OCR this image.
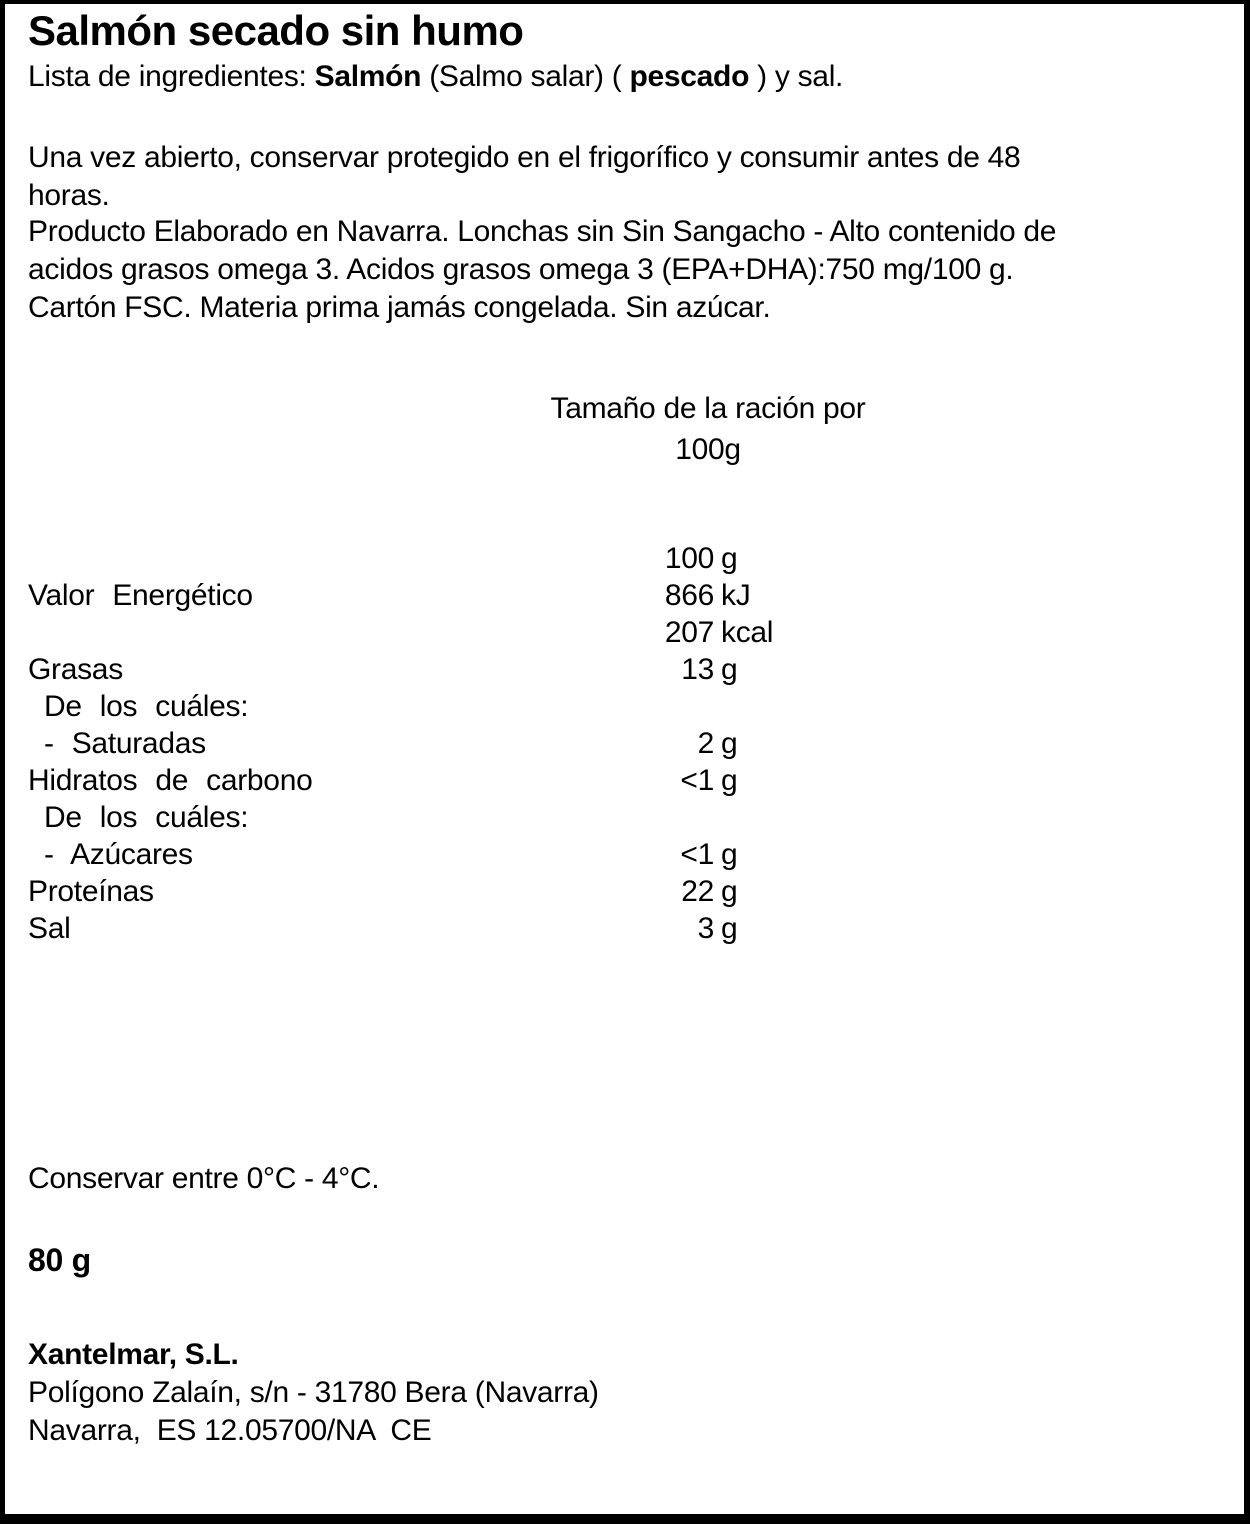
Salmón secado sin humo

Lista de ingredientes: Salmón (Salmo salar) ( pescado ) y sal.

Una vez abierto, conservar protegido en el frigorífico y consumir antes de 48
horas.
Producto Elaborado en Navarra. Lonchas sin Sin Sangacho - Alto contenido de
acidos grasos omega 3. Acidos grasos omega 3 (EPA+DHA):750 mg/100 g.
Cartón FSC. Materia prima jamás congelada. Sin azúcar.
Tamaño de la ración por
100g
100 g
Valor Energético	866 kJ
207 kcal
Grasas	13 g
De los cuáles:
- Saturadas	2 g
Hidratos de carbono	<1 g
De los cuáles:
- Azúcares	<1 g
Proteínas	22 g
Sal	3 g

Conservar entre 0°C - 4°C.

80 g

Xantelmar, S.L.
Polígono Zalaín, s/n - 31780 Bera (Navarra)
Navarra,  ES 12.05700/NA  CE
